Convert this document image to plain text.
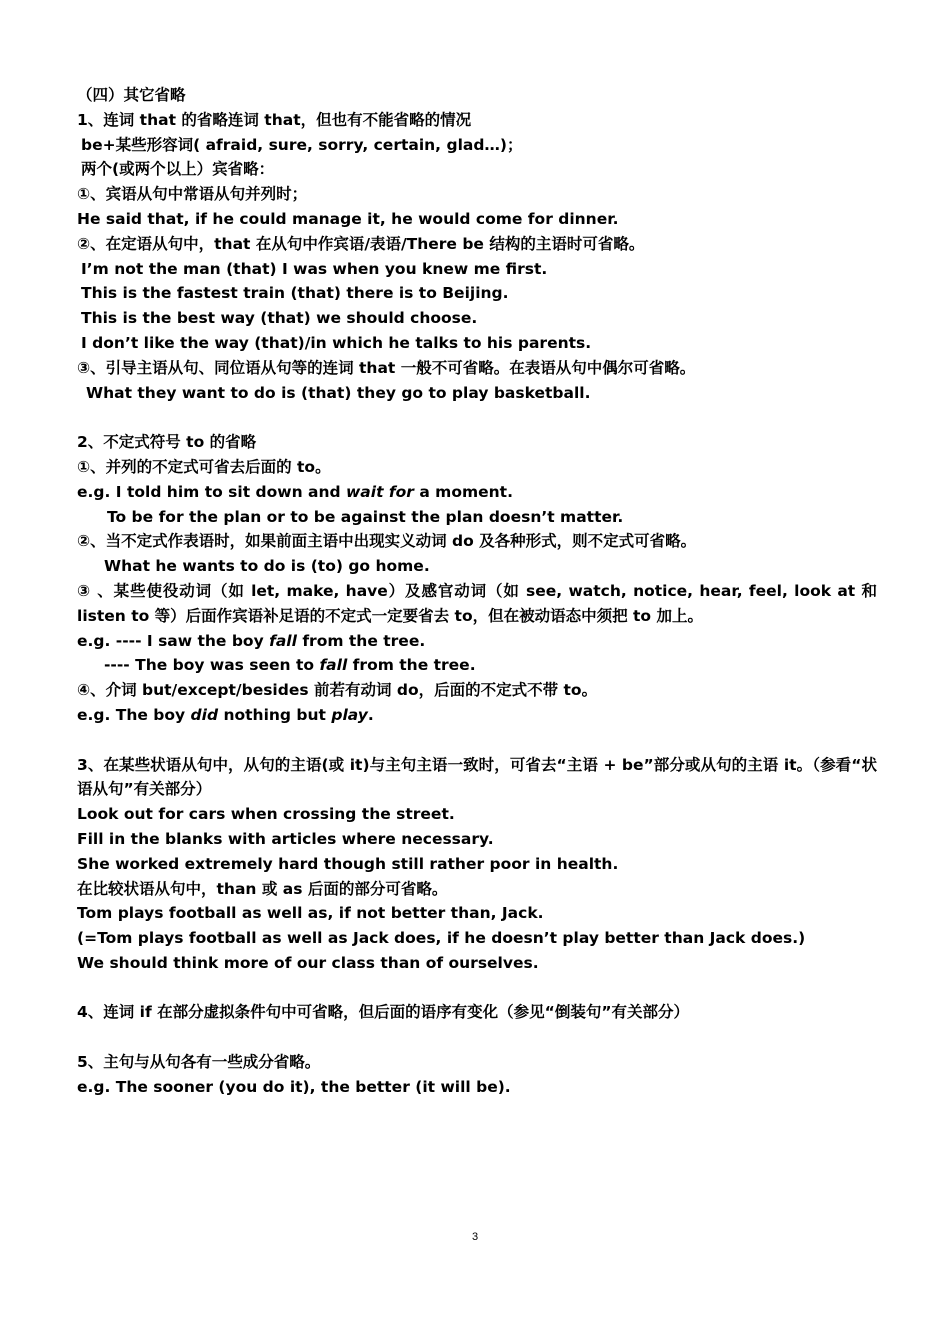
（四）其它省略
1、连词 that 的省略连词 that，但也有不能省略的情况
be+某些形容词( afraid, sure, sorry, certain, glad…)；
两个(或两个以上）宾省略：
①、宾语从句中常语从句并列时；
He said that, if he could manage it, he would come for dinner.
②、在定语从句中，that 在从句中作宾语/表语/There be 结构的主语时可省略。
I’m not the man (that) I was when you knew me first.
This is the fastest train (that) there is to Beijing.
This is the best way (that) we should choose.
I don’t like the way (that)/in which he talks to his parents.
③、引导主语从句、同位语从句等的连词 that 一般不可省略。在表语从句中偶尔可省略。
What they want to do is (that) they go to play basketball.
2、不定式符号 to 的省略
①、并列的不定式可省去后面的 to。
e.g. I told him to sit down and wait for a moment.
To be for the plan or to be against the plan doesn’t matter.
②、当不定式作表语时，如果前面主语中出现实义动词 do 及各种形式，则不定式可省略。
What he wants to do is (to) go home.
③ 、某些使役动词（如 let, make, have）及感官动词（如 see, watch, notice, hear, feel, look at 和 listen to 等）后面作宾语补足语的不定式一定要省去 to，但在被动语态中须把 to 加上。
e.g. ---- I saw the boy fall from the tree.
---- The boy was seen to fall from the tree.
④、介词 but/except/besides 前若有动词 do，后面的不定式不带 to。
e.g. The boy did nothing but play.
3、在某些状语从句中，从句的主语(或 it)与主句主语一致时，可省去“主语 + be”部分或从句的主语 it。（参看“状语从句”有关部分）
Look out for cars when crossing the street.
Fill in the blanks with articles where necessary.
She worked extremely hard though still rather poor in health.
在比较状语从句中，than 或 as 后面的部分可省略。
Tom plays football as well as, if not better than, Jack.
(=Tom plays football as well as Jack does, if he doesn’t play better than Jack does.)
We should think more of our class than of ourselves.
4、连词 if 在部分虚拟条件句中可省略，但后面的语序有变化（参见“倒装句”有关部分）
5、主句与从句各有一些成分省略。
e.g. The sooner (you do it), the better (it will be).
3
